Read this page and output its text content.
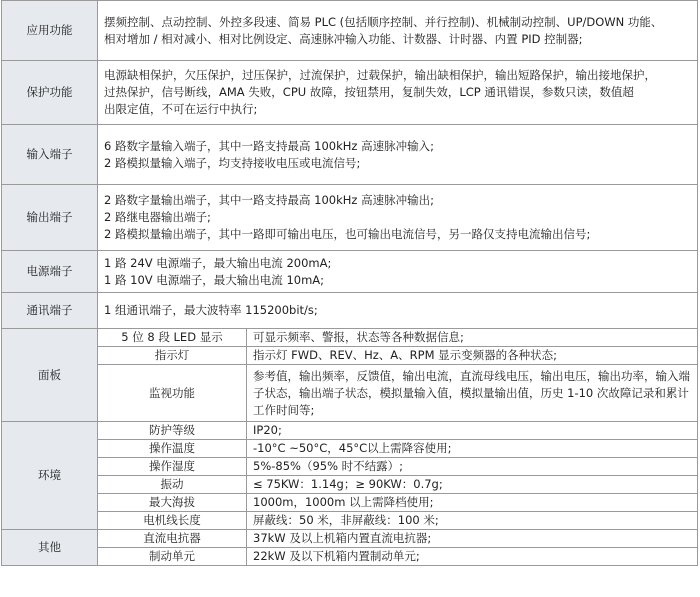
应用功能	摆频控制、点动控制、外控多段速、简易 PLC (包括顺序控制、并行控制)、机械制动控制、UP/DOWN 功能、
相对增加 / 相对减小、相对比例设定、高速脉冲输入功能、计数器、计时器、内置 PID 控制器;	

保护功能	电源缺相保护，欠压保护，过压保护，过流保护，过载保护，输出缺相保护，输出短路保护，输出接地保护，
过热保护，信号断线，AMA 失败，CPU 故障，按钮禁用，复制失效，LCP 通讯错误，参数只读，数值超
出限定值，不可在运行中执行;	

输入端子	6 路数字量输入端子，其中一路支持最高 100kHz 高速脉冲输入;
2 路模拟量输入端子，均支持接收电压或电流信号;	

输出端子	2 路数字量输出端子，其中一路支持最高 100kHz 高速脉冲输出;
2 路继电器输出端子;
2 路模拟量输出端子，其中一路即可输出电压，也可输出电流信号，另一路仅支持电流输出信号;	

电源端子	1 路 24V 电源端子，最大输出电流 200mA;
1 路 10V 电源端子，最大输出电流 10mA;	

通讯端子	1 组通讯端子，最大波特率 115200bit/s;	

面板	5 位 8 段 LED 显示	可显示频率、警报，状态等各种数据信息;
	指示灯	指示灯 FWD、REV、Hz、A、RPM 显示变频器的各种状态;
	监视功能	参考值，输出频率，反馈值，输出电流，直流母线电压，输出电压，输出功率，输入端子状态，输出端子状态，模拟量输入值，模拟量输出值，历史 1-10 次故障记录和累计工作时间等;
环境	防护等级	IP20;
	操作温度	-10°C ~50°C，45°C以上需降容使用;
	操作湿度	5%-85%（95% 时不结露）;
	振动	≤ 75KW：1.14g；≥ 90KW：0.7g;
	最大海拔	1000m，1000m 以上需降档使用;
	电机线长度	屏蔽线：50 米，非屏蔽线：100 米;
其他	直流电抗器	37kW 及以上机箱内置直流电抗器;
	制动单元	22kW 及以下机箱内置制动单元;
